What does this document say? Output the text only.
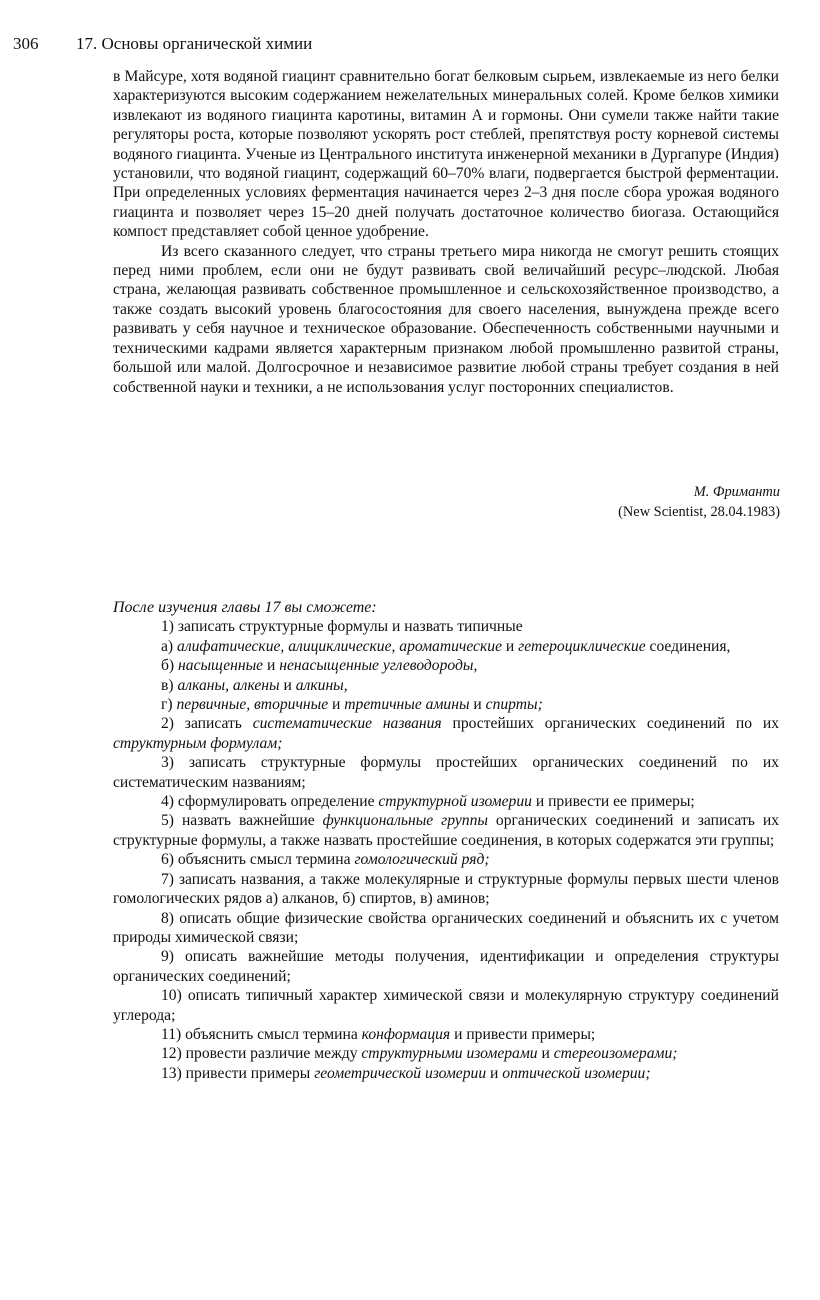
306 17. Основы органической химии

в Майсуре, хотя водяной гиацинт сравнительно богат белковым сырьем, извлекаемые из него белки характеризуются высоким содержанием нежелательных минеральных солей. Кроме белков химики извлекают из водяного гиацинта каротины, витамин А и гормоны. Они сумели также найти такие регуляторы роста, которые позволяют ускорять рост стеблей, препятствуя росту корневой системы водяного гиацинта. Ученые из Центрального института инженерной механики в Дургапуре (Индия) установили, что водяной гиацинт, содержащий 60–70% влаги, подвергается быстрой ферментации. При определенных условиях ферментация начинается через 2–3 дня после сбора урожая водяного гиацинта и позволяет через 15–20 дней получать достаточное количество биогаза. Остающийся компост представляет собой ценное удобрение.

Из всего сказанного следует, что страны третьего мира никогда не смогут решить стоящих перед ними проблем, если они не будут развивать свой величайший ресурс–людской. Любая страна, желающая развивать собственное промышленное и сельскохозяйственное производство, а также создать высокий уровень благосостояния для своего населения, вынуждена прежде всего развивать у себя научное и техническое образование. Обеспеченность собственными научными и техническими кадрами является характерным признаком любой промышленно развитой страны, большой или малой. Долгосрочное и независимое развитие любой страны требует создания в ней собственной науки и техники, а не использования услуг посторонних специалистов.

М. Фриманти
(New Scientist, 28.04.1983)

После изучения главы 17 вы сможете:

1) записать структурные формулы и назвать типичные

а) алифатические, алициклические, ароматические и гетероциклические соединения,

б) насыщенные и ненасыщенные углеводороды,

в) алканы, алкены и алкины,

г) первичные, вторичные и третичные амины и спирты;

2) записать систематические названия простейших органических соединений по их структурным формулам;

3) записать структурные формулы простейших органических соединений по их систематическим названиям;

4) сформулировать определение структурной изомерии и привести ее примеры;

5) назвать важнейшие функциональные группы органических соединений и записать их структурные формулы, а также назвать простейшие соединения, в которых содержатся эти группы;

6) объяснить смысл термина гомологический ряд;

7) записать названия, а также молекулярные и структурные формулы первых шести членов гомологических рядов а) алканов, б) спиртов, в) аминов;

8) описать общие физические свойства органических соединений и объяснить их с учетом природы химической связи;

9) описать важнейшие методы получения, идентификации и определения структуры органических соединений;

10) описать типичный характер химической связи и молекулярную структуру соединений углерода;

11) объяснить смысл термина конформация и привести примеры;

12) провести различие между структурными изомерами и стереоизомерами;

13) привести примеры геометрической изомерии и оптической изомерии;
